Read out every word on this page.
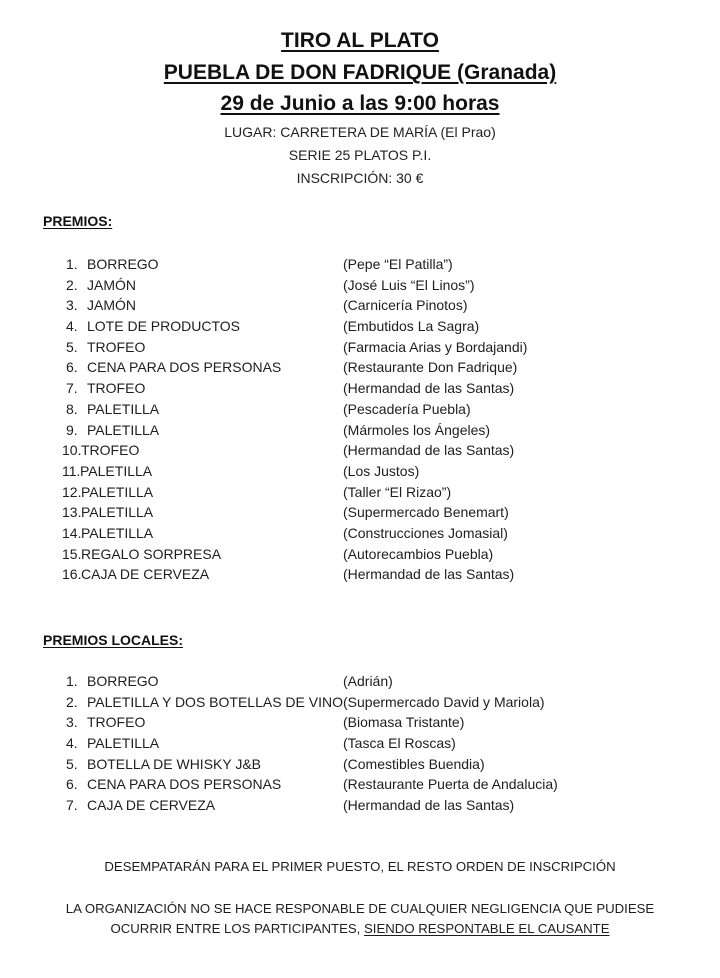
TIRO AL PLATO
PUEBLA DE DON FADRIQUE (Granada)
29 de Junio a las 9:00 horas
LUGAR: CARRETERA DE MARÍA (El Prao)
SERIE 25 PLATOS P.I.
INSCRIPCIÓN: 30 €
PREMIOS:
1. BORREGO	(Pepe “El Patilla”)
2. JAMÓN	(José Luis “El Linos”)
3. JAMÓN	(Carnicería Pinotos)
4. LOTE DE PRODUCTOS	(Embutidos La Sagra)
5. TROFEO	(Farmacia Arias y Bordajandi)
6. CENA PARA DOS PERSONAS	(Restaurante Don Fadrique)
7. TROFEO	(Hermandad de las Santas)
8. PALETILLA	(Pescadería Puebla)
9. PALETILLA	(Mármoles los Ángeles)
10. TROFEO	(Hermandad de las Santas)
11. PALETILLA	(Los Justos)
12. PALETILLA	(Taller “El Rizao”)
13. PALETILLA	(Supermercado Benemart)
14. PALETILLA	(Construcciones Jomasial)
15. REGALO SORPRESA	(Autorecambios Puebla)
16. CAJA DE CERVEZA	(Hermandad de las Santas)
PREMIOS LOCALES:
1. BORREGO	(Adrián)
2. PALETILLA Y DOS BOTELLAS DE VINO (Supermercado David y Mariola)
3. TROFEO	(Biomasa Tristante)
4. PALETILLA	(Tasca El Roscas)
5. BOTELLA DE WHISKY J&B	(Comestibles Buendia)
6. CENA PARA DOS PERSONAS	(Restaurante Puerta de Andalucia)
7. CAJA DE CERVEZA	(Hermandad de las Santas)
DESEMPATARÁN PARA EL PRIMER PUESTO, EL RESTO ORDEN DE INSCRIPCIÓN
LA ORGANIZACIÓN NO SE HACE RESPONABLE DE CUALQUIER NEGLIGENCIA QUE PUDIESE
OCURRIR ENTRE LOS PARTICIPANTES, SIENDO RESPONTABLE EL CAUSANTE
